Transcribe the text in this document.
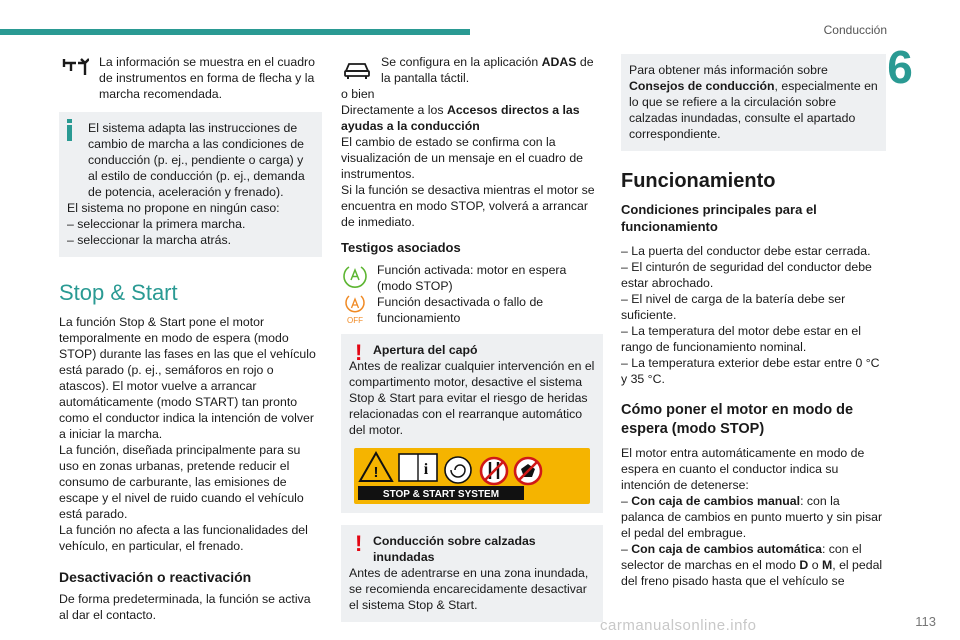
Conducción
6

La información se muestra en el cuadro de instrumentos en forma de flecha y la marcha recomendada.

El sistema adapta las instrucciones de cambio de marcha a las condiciones de conducción (p. ej., pendiente o carga) y al estilo de conducción (p. ej., demanda de potencia, aceleración y frenado).

El sistema no propone en ningún caso:

– seleccionar la primera marcha.

– seleccionar la marcha atrás.

Stop & Start

La función Stop & Start pone el motor temporalmente en modo de espera (modo STOP) durante las fases en las que el vehículo está parado (p. ej., semáforos en rojo o atascos). El motor vuelve a arrancar automáticamente (modo START) tan pronto como el conductor indica la intención de volver a iniciar la marcha.

La función, diseñada principalmente para su uso en zonas urbanas, pretende reducir el consumo de carburante, las emisiones de escape y el nivel de ruido cuando el vehículo está parado.

La función no afecta a las funcionalidades del vehículo, en particular, el frenado.

Desactivación o reactivación

De forma predeterminada, la función se activa al dar el contacto.

Se configura en la aplicación ADAS de la pantalla táctil.

o bien

Directamente a los Accesos directos a las ayudas a la conducción

El cambio de estado se confirma con la visualización de un mensaje en el cuadro de instrumentos.

Si la función se desactiva mientras el motor se encuentra en modo STOP, volverá a arrancar de inmediato.

Testigos asociados

Función activada: motor en espera (modo STOP)

OFF

Función desactivada o fallo de funcionamiento

! Apertura del capó

Antes de realizar cualquier intervención en el compartimento motor, desactive el sistema Stop & Start para evitar el riesgo de heridas relacionadas con el rearranque automático del motor.

!	i
STOP & START SYSTEM
! Conducción sobre calzadas inundadas

Antes de adentrarse en una zona inundada, se recomienda encarecidamente desactivar el sistema Stop & Start.

Para obtener más información sobre Consejos de conducción, especialmente en lo que se refiere a la circulación sobre calzadas inundadas, consulte el apartado correspondiente.

Funcionamiento
Condiciones principales para el funcionamiento

– La puerta del conductor debe estar cerrada.

– El cinturón de seguridad del conductor debe estar abrochado.

– El nivel de carga de la batería debe ser suficiente.

– La temperatura del motor debe estar en el rango de funcionamiento nominal.

– La temperatura exterior debe estar entre 0 °C y 35 °C.

Cómo poner el motor en modo de espera (modo STOP)

El motor entra automáticamente en modo de espera en cuanto el conductor indica su intención de detenerse:

– Con caja de cambios manual: con la palanca de cambios en punto muerto y sin pisar el pedal del embrague.

– Con caja de cambios automática: con el selector de marchas en el modo D o M, el pedal del freno pisado hasta que el vehículo se

113
carmanualsonline.info
